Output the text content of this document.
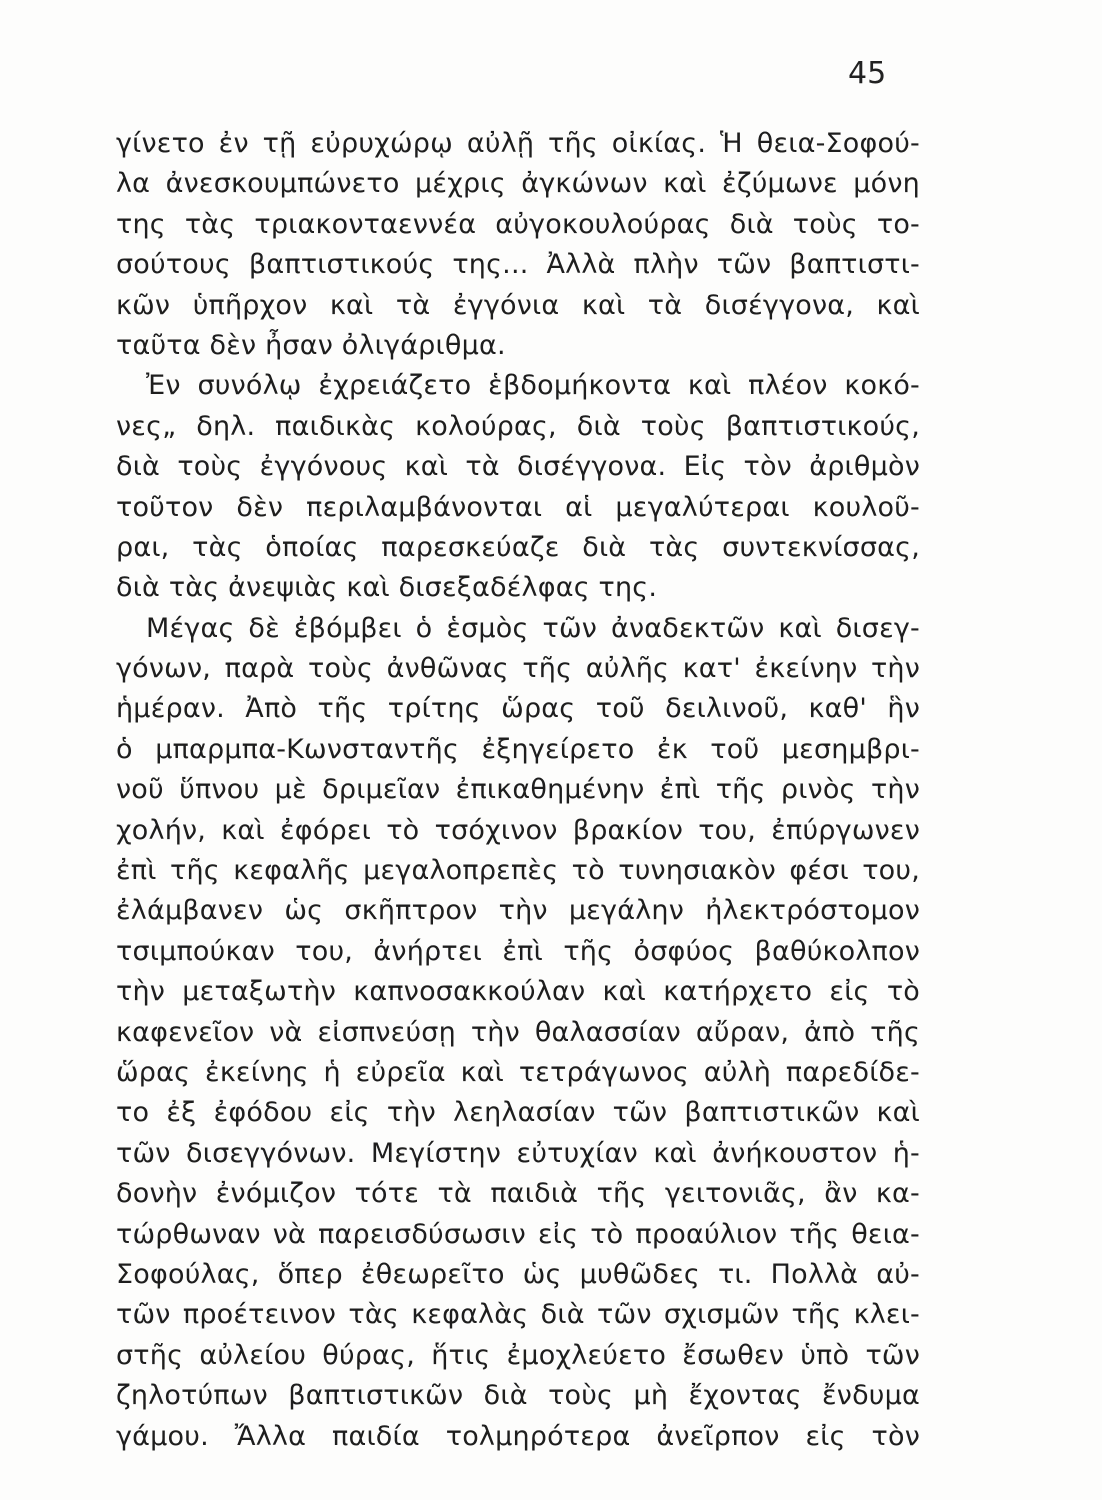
45
γίνετο ἐν τῇ εὐρυχώρῳ αὐλῇ τῆς οἰκίας. Ἡ θεια-Σοφού-
λα ἀνεσκουμπώνετο μέχρις ἀγκώνων καὶ ἐζύμωνε μόνη
της τὰς τριακονταεννέα αὐγοκουλούρας διὰ τοὺς το-
σούτους βαπτιστικούς της... Ἀλλὰ πλὴν τῶν βαπτιστι-
κῶν ὑπῆρχον καὶ τὰ ἐγγόνια καὶ τὰ δισέγγονα, καὶ
ταῦτα δὲν ἦσαν ὀλιγάριθμα.
Ἐν συνόλῳ ἐχρειάζετο ἑβδομήκοντα καὶ πλέον κοκό-
νες„ δηλ. παιδικὰς κολούρας, διὰ τοὺς βαπτιστικούς,
διὰ τοὺς ἐγγόνους καὶ τὰ δισέγγονα. Εἰς τὸν ἀριθμὸν
τοῦτον δὲν περιλαμβάνονται αἱ μεγαλύτεραι κουλοῦ-
ραι, τὰς ὁποίας παρεσκεύαζε διὰ τὰς συντεκνίσσας,
διὰ τὰς ἀνεψιὰς καὶ δισεξαδέλφας της.
Μέγας δὲ ἐβόμβει ὁ ἑσμὸς τῶν ἀναδεκτῶν καὶ δισεγ-
γόνων, παρὰ τοὺς ἀνθῶνας τῆς αὐλῆς κατ' ἐκείνην τὴν
ἡμέραν. Ἀπὸ τῆς τρίτης ὥρας τοῦ δειλινοῦ, καθ' ἣν
ὁ μπαρμπα-Κωνσταντῆς ἐξηγείρετο ἐκ τοῦ μεσημβρι-
νοῦ ὕπνου μὲ δριμεῖαν ἐπικαθημένην ἐπὶ τῆς ρινὸς τὴν
χολήν, καὶ ἐφόρει τὸ τσόχινον βρακίον του, ἐπύργωνεν
ἐπὶ τῆς κεφαλῆς μεγαλοπρεπὲς τὸ τυνησιακὸν φέσι του,
ἐλάμβανεν ὡς σκῆπτρον τὴν μεγάλην ἠλεκτρόστομον
τσιμπούκαν του, ἀνήρτει ἐπὶ τῆς ὀσφύος βαθύκολπον
τὴν μεταξωτὴν καπνοσακκούλαν καὶ κατήρχετο εἰς τὸ
καφενεῖον νὰ εἰσπνεύσῃ τὴν θαλασσίαν αὔραν, ἀπὸ τῆς
ὥρας ἐκείνης ἡ εὐρεῖα καὶ τετράγωνος αὐλὴ παρεδίδε-
το ἐξ ἐφόδου εἰς τὴν λεηλασίαν τῶν βαπτιστικῶν καὶ
τῶν δισεγγόνων. Μεγίστην εὐτυχίαν καὶ ἀνήκουστον ἡ-
δονὴν ἐνόμιζον τότε τὰ παιδιὰ τῆς γειτονιᾶς, ἂν κα-
τώρθωναν νὰ παρεισδύσωσιν εἰς τὸ προαύλιον τῆς θεια-
Σοφούλας, ὅπερ ἐθεωρεῖτο ὡς μυθῶδες τι. Πολλὰ αὐ-
τῶν προέτεινον τὰς κεφαλὰς διὰ τῶν σχισμῶν τῆς κλει-
στῆς αὐλείου θύρας, ἥτις ἐμοχλεύετο ἔσωθεν ὑπὸ τῶν
ζηλοτύπων βαπτιστικῶν διὰ τοὺς μὴ ἔχοντας ἔνδυμα
γάμου. Ἄλλα παιδία τολμηρότερα ἀνεῖρπον εἰς τὸν
